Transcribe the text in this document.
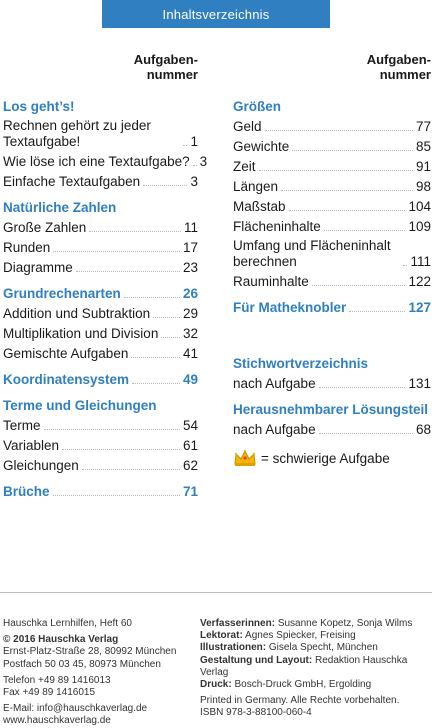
Inhaltsverzeichnis
Aufgaben-
nummer
Los geht’s!
Rechnen gehört zu jeder Textaufgabe!	1
Wie löse ich eine Textaufgabe? 3
Einfache Textaufgaben	3
Natürliche Zahlen
Große Zahlen	11
Runden	17
Diagramme	23
Grundrechenarten	26
Addition und Subtraktion 29
Multiplikation und Division 32
Gemischte Aufgaben	41
Koordinatensystem	49
Terme und Gleichungen
Terme	54
Variablen	61
Gleichungen	62
Brüche	71
Aufgaben-
nummer
Größen
Geld	77
Gewichte	85
Zeit	91
Längen	98
Maßstab	104
Flächeninhalte	109
Umfang und Flächeninhalt berechnen	111
Rauminhalte	122
Für Matheknobler	127
Stichwortverzeichnis
nach Aufgabe	131
Herausnehmbarer Lösungsteil
nach Aufgabe	68
= schwierige Aufgabe
Hauschka Lernhilfen, Heft 60
© 2016 Hauschka Verlag
Ernst-Platz-Straße 28, 80992 München
Postfach 50 03 45, 80973 München
Telefon +49 89 1416013
Fax +49 89 1416015
E-Mail: info@hauschkaverlag.de
www.hauschkaverlag.de
Verfasserinnen: Susanne Kopetz, Sonja Wilms
Lektorat: Agnes Spiecker, Freising
Illustrationen: Gisela Specht, München
Gestaltung und Layout: Redaktion Hauschka Verlag
Druck: Bosch-Druck GmbH, Ergolding
Printed in Germany. Alle Rechte vorbehalten.
ISBN 978-3-88100-060-4
